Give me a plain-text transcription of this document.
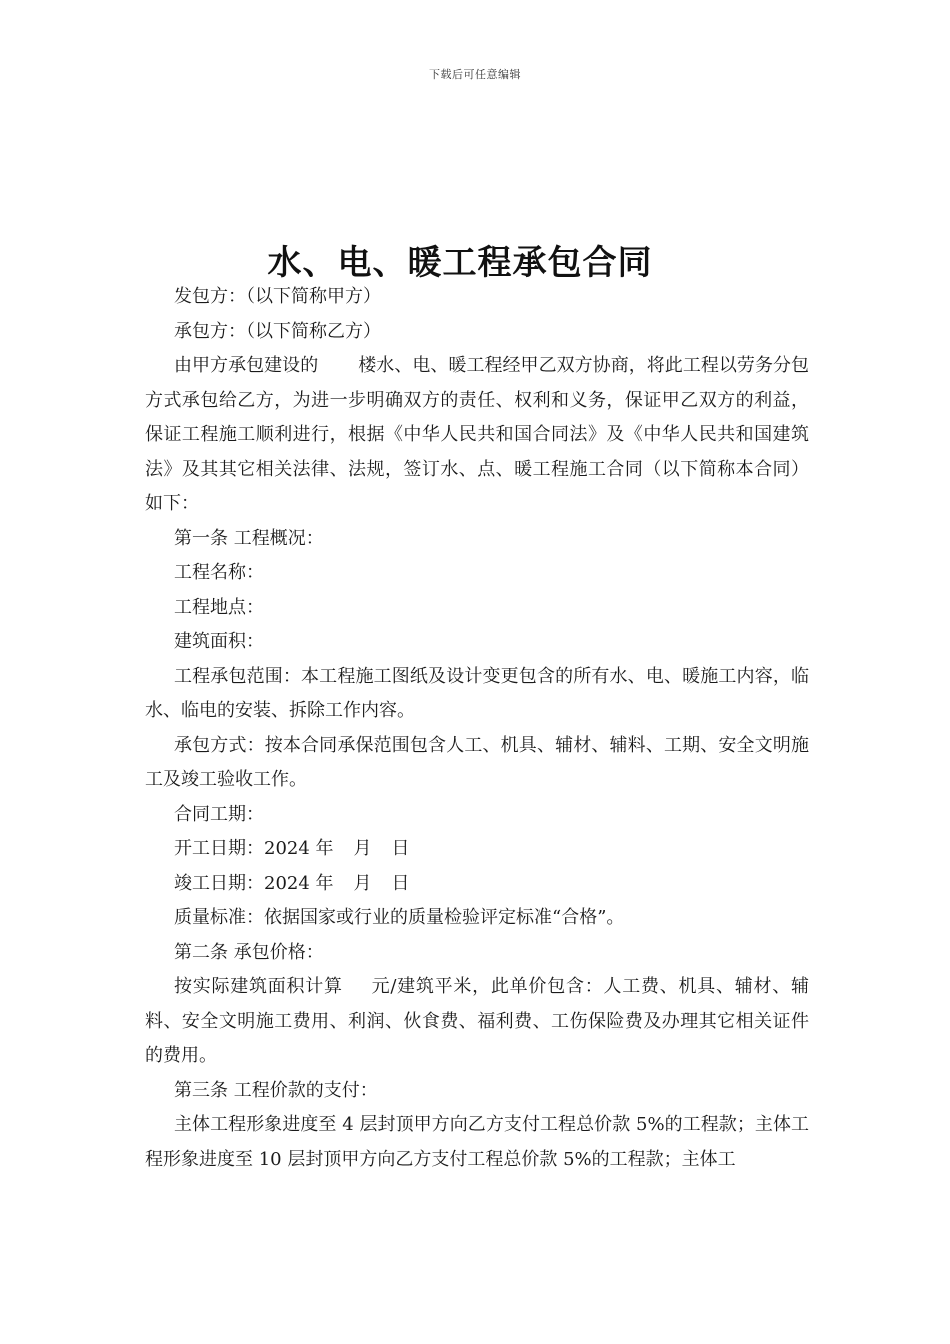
下载后可任意编辑
水、电、暖工程承包合同

发包方：（以下简称甲方）

承包方：（以下简称乙方）

由甲方承包建设的 楼水、电、暖工程经甲乙双方协商，将此工程以劳务分包方式承包给乙方，为进一步明确双方的责任、权利和义务，保证甲乙双方的利益，保证工程施工顺利进行，根据《中华人民共和国合同法》及《中华人民共和国建筑法》及其其它相关法律、法规，签订水、点、暖工程施工合同（以下简称本合同）如下：

第一条 工程概况：

工程名称：

工程地点：

建筑面积：

工程承包范围：本工程施工图纸及设计变更包含的所有水、电、暖施工内容，临水、临电的安装、拆除工作内容。

承包方式：按本合同承保范围包含人工、机具、辅材、辅料、工期、安全文明施工及竣工验收工作。

合同工期：

开工日期：2024 年 月 日

竣工日期：2024 年 月 日

质量标准：依据国家或行业的质量检验评定标准“合格”。

第二条 承包价格：

按实际建筑面积计算 元/建筑平米，此单价包含：人工费、机具、辅材、辅料、安全文明施工费用、利润、伙食费、福利费、工伤保险费及办理其它相关证件的费用。

第三条 工程价款的支付：

主体工程形象进度至 4 层封顶甲方向乙方支付工程总价款 5%的工程款；主体工程形象进度至 10 层封顶甲方向乙方支付工程总价款 5%的工程款；主体工
